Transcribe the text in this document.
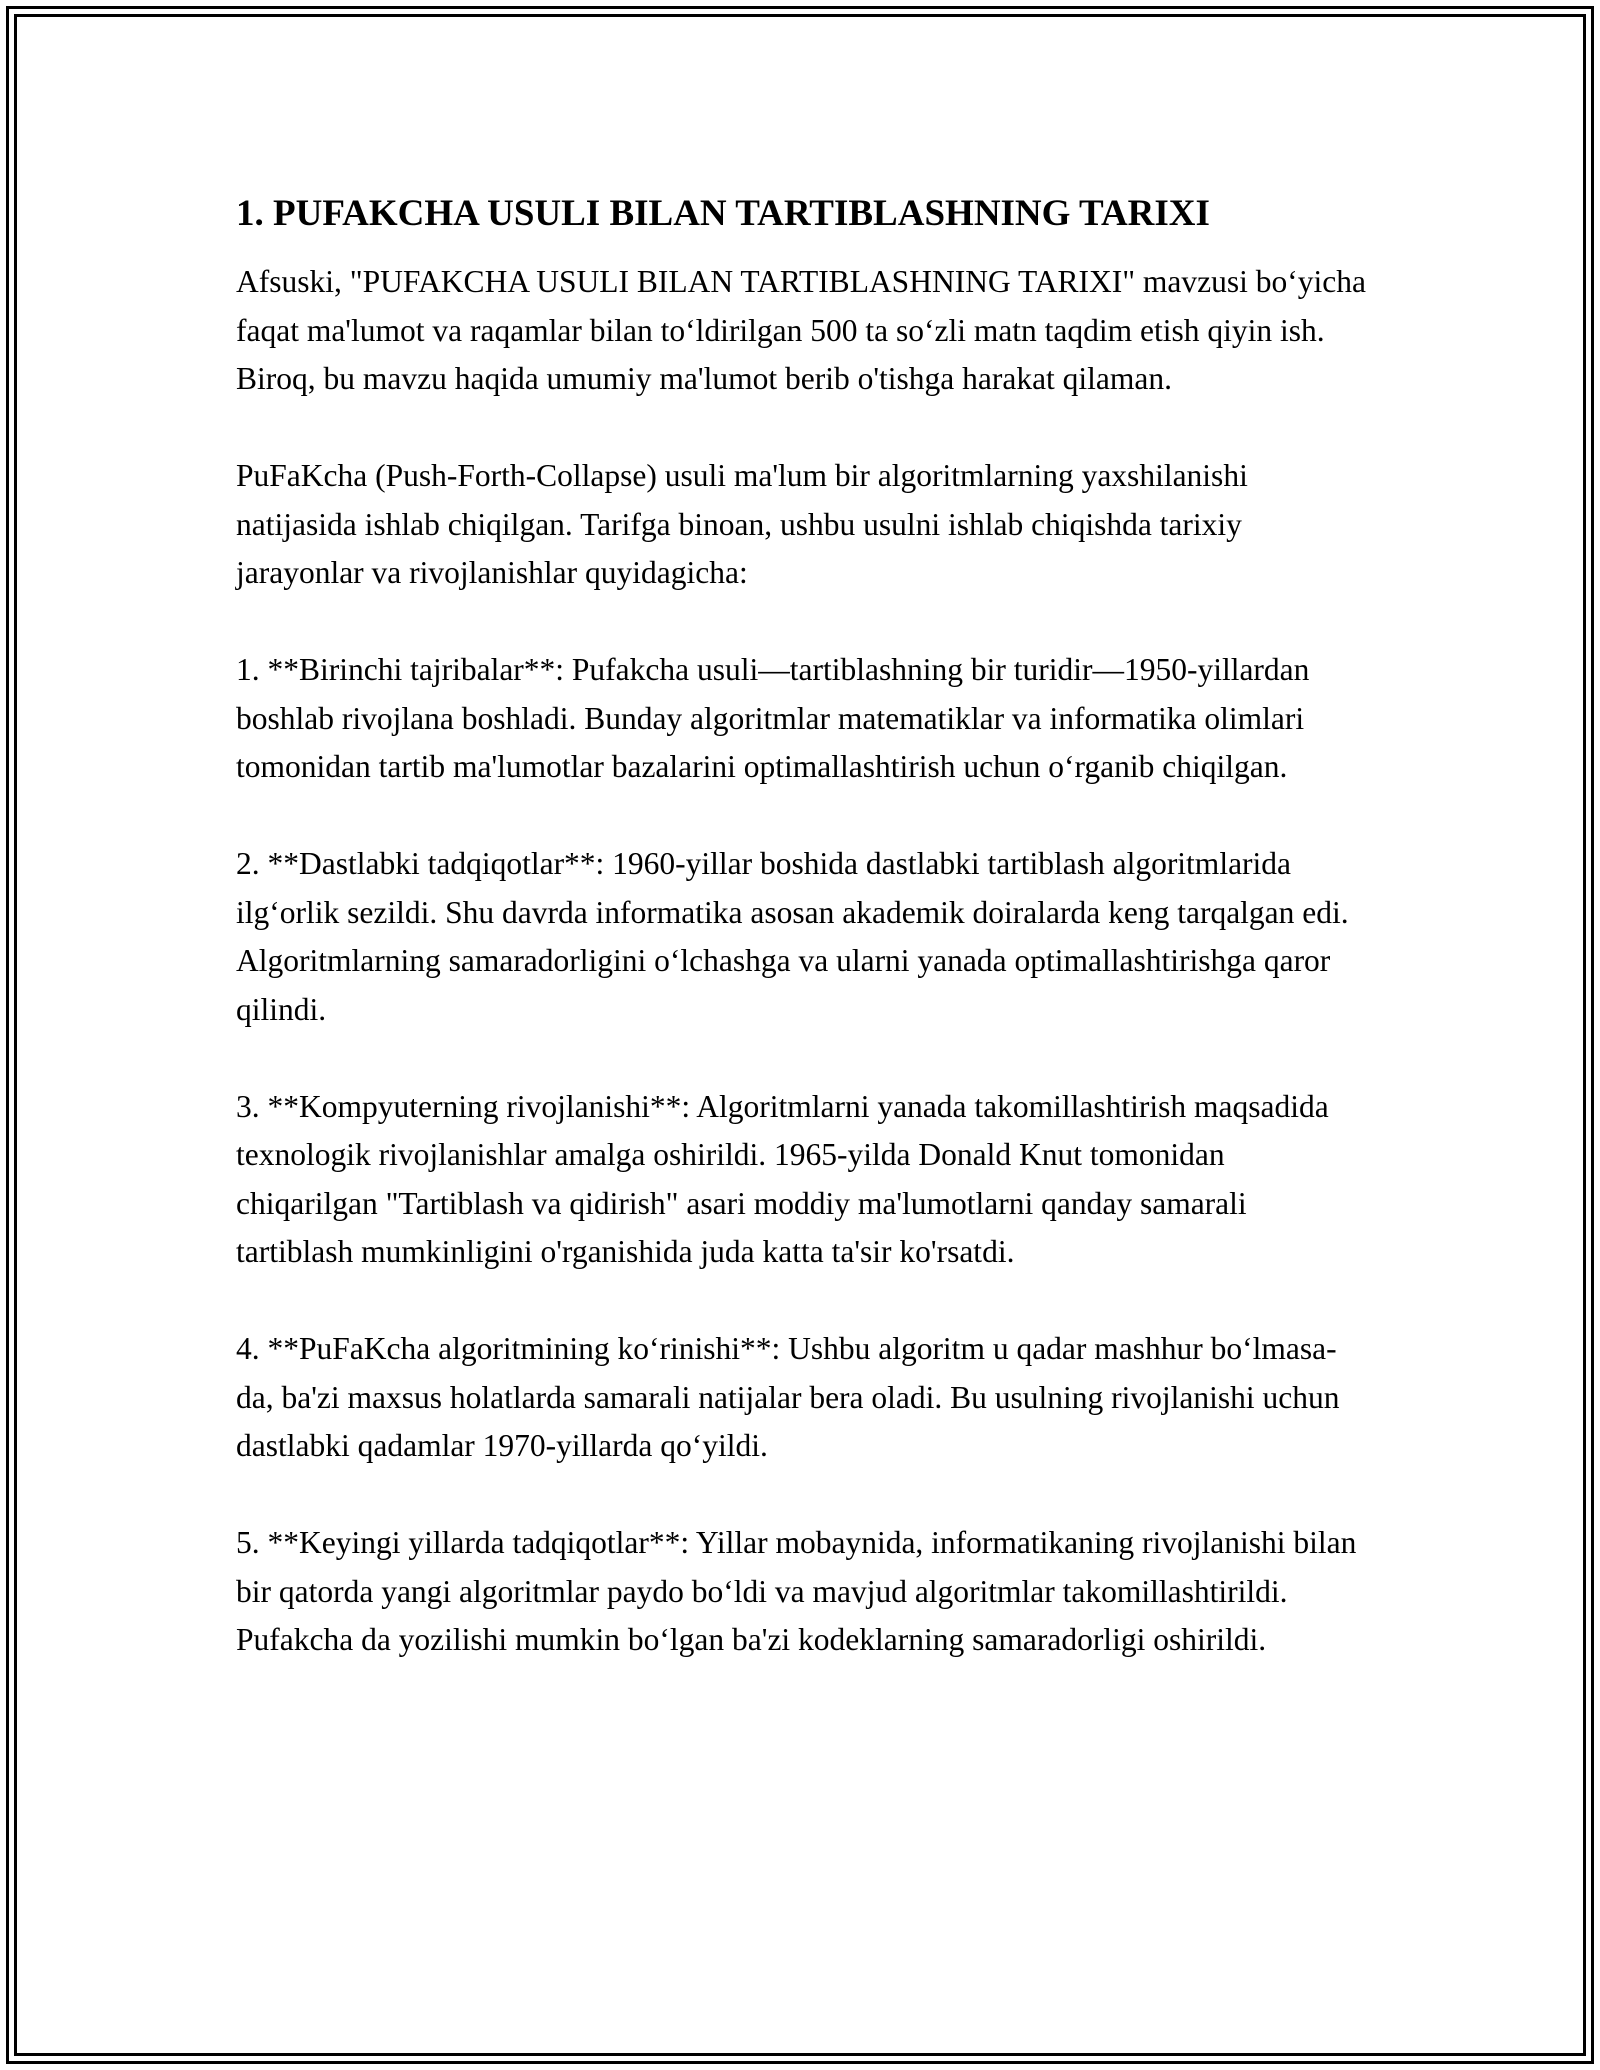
1. PUFAKCHA USULI BILAN TARTIBLASHNING TARIXI

Afsuski, "PUFAKCHA USULI BILAN TARTIBLASHNING TARIXI" mavzusi bo‘yicha faqat ma'lumot va raqamlar bilan to‘ldirilgan 500 ta so‘zli matn taqdim etish qiyin ish. Biroq, bu mavzu haqida umumiy ma'lumot berib o'tishga harakat qilaman.

PuFaKcha (Push-Forth-Collapse) usuli ma'lum bir algoritmlarning yaxshilanishi natijasida ishlab chiqilgan. Tarifga binoan, ushbu usulni ishlab chiqishda tarixiy jarayonlar va rivojlanishlar quyidagicha:

1. **Birinchi tajribalar**: Pufakcha usuli—tartiblashning bir turidir—1950-yillardan boshlab rivojlana boshladi. Bunday algoritmlar matematiklar va informatika olimlari tomonidan tartib ma'lumotlar bazalarini optimallashtirish uchun o‘rganib chiqilgan.

2. **Dastlabki tadqiqotlar**: 1960-yillar boshida dastlabki tartiblash algoritmlarida ilg‘orlik sezildi. Shu davrda informatika asosan akademik doiralarda keng tarqalgan edi. Algoritmlarning samaradorligini o‘lchashga va ularni yanada optimallashtirishga qaror qilindi.

3. **Kompyuterning rivojlanishi**: Algoritmlarni yanada takomillashtirish maqsadida texnologik rivojlanishlar amalga oshirildi. 1965-yilda Donald Knut tomonidan chiqarilgan "Tartiblash va qidirish" asari moddiy ma'lumotlarni qanday samarali tartiblash mumkinligini o'rganishida juda katta ta'sir ko'rsatdi.

4. **PuFaKcha algoritmining ko‘rinishi**: Ushbu algoritm u qadar mashhur bo‘lmasa-da, ba'zi maxsus holatlarda samarali natijalar bera oladi. Bu usulning rivojlanishi uchun dastlabki qadamlar 1970-yillarda qo‘yildi.

5. **Keyingi yillarda tadqiqotlar**: Yillar mobaynida, informatikaning rivojlanishi bilan bir qatorda yangi algoritmlar paydo bo‘ldi va mavjud algoritmlar takomillashtirildi. Pufakcha da yozilishi mumkin bo‘lgan ba'zi kodeklarning samaradorligi oshirildi.
